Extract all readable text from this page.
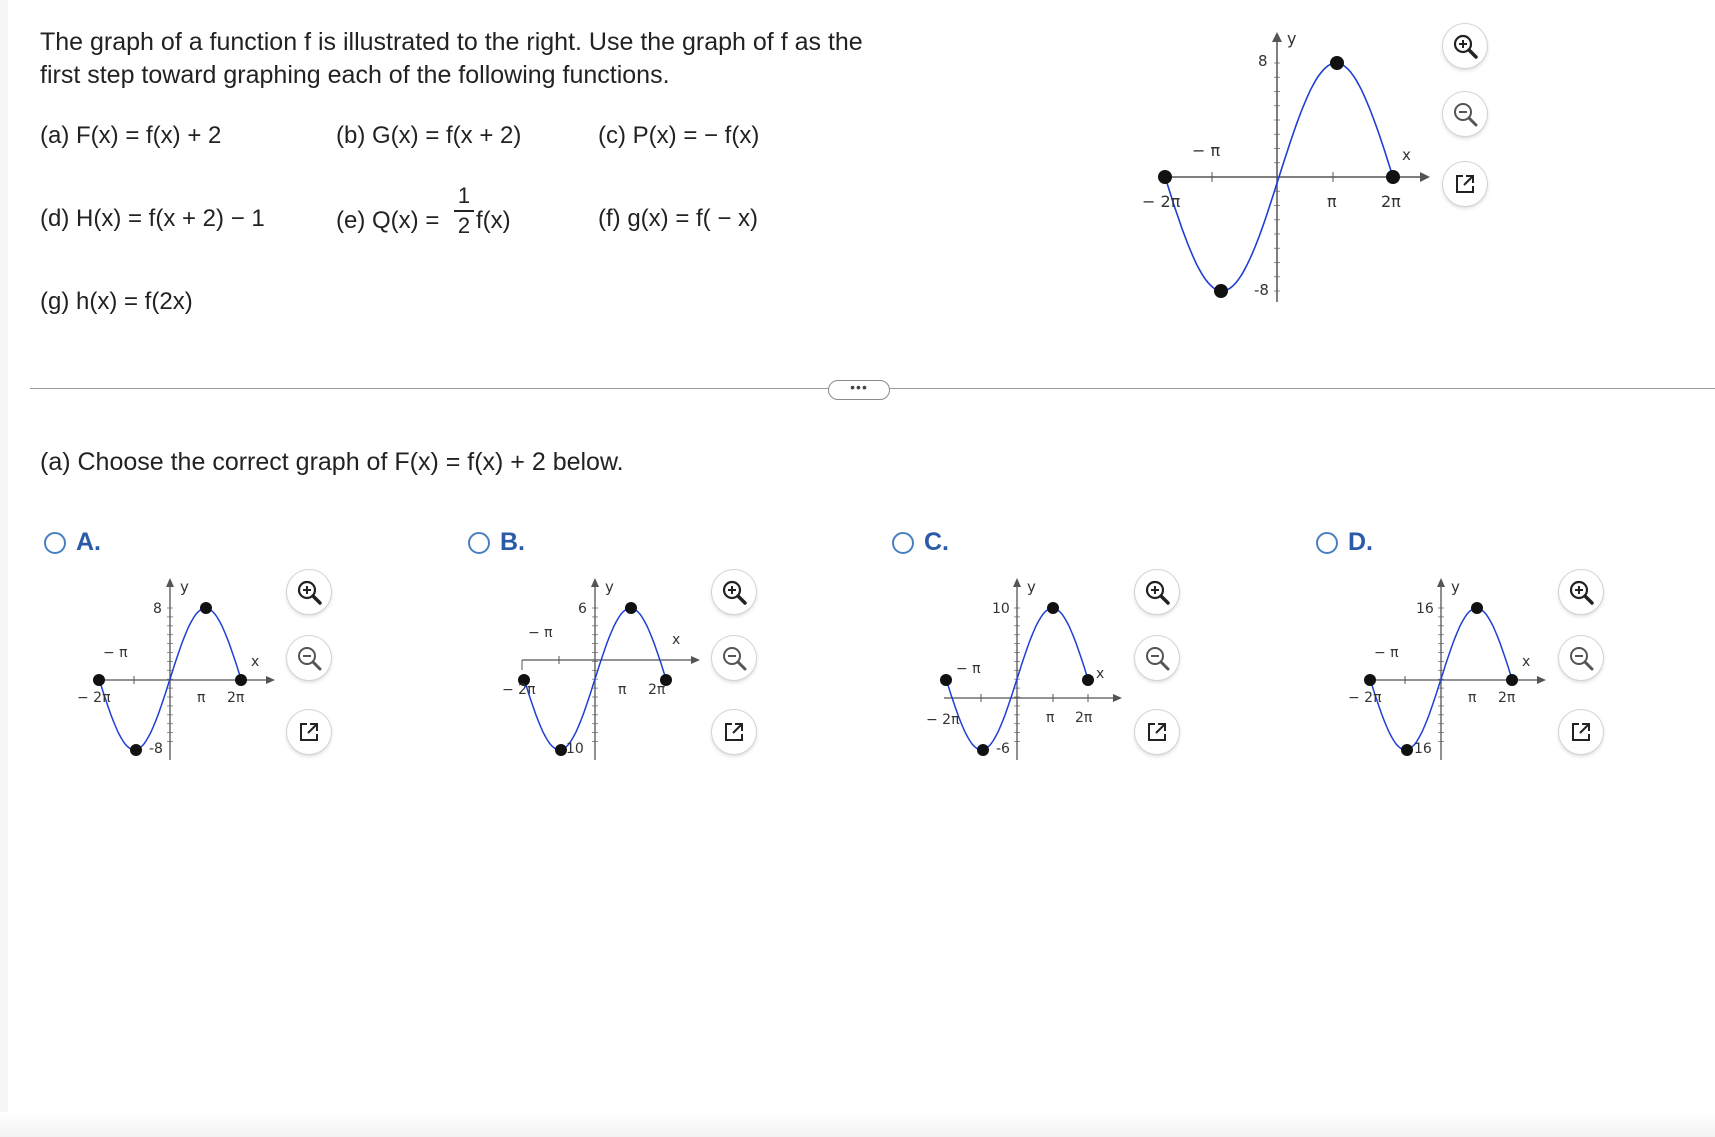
The graph of a function f is illustrated to the right. Use the graph of f as the
first step toward graphing each of the following functions.
(a) F(x) = f(x) + 2	(b) G(x) = f(x + 2)	(c) P(x) = − f(x)
(d) H(x) = f(x + 2) − 1	(e) Q(x) =
1
2 f(x)	(f) g(x) = f( − x)
(g) h(x) = f(2x)
y
x
8
-8
− π
− 2π	π	2π
•••
(a) Choose the correct graph of F(x) = f(x) + 2 below.
A.	B.	C.	D.
y
x
8
-8
− π
− 2π	π 2π
y
x
6
10
− π
− 2π	π 2π
y
x
10
-6
− π
− 2π	π 2π
y
x
16
16
− π
− 2π	π 2π
